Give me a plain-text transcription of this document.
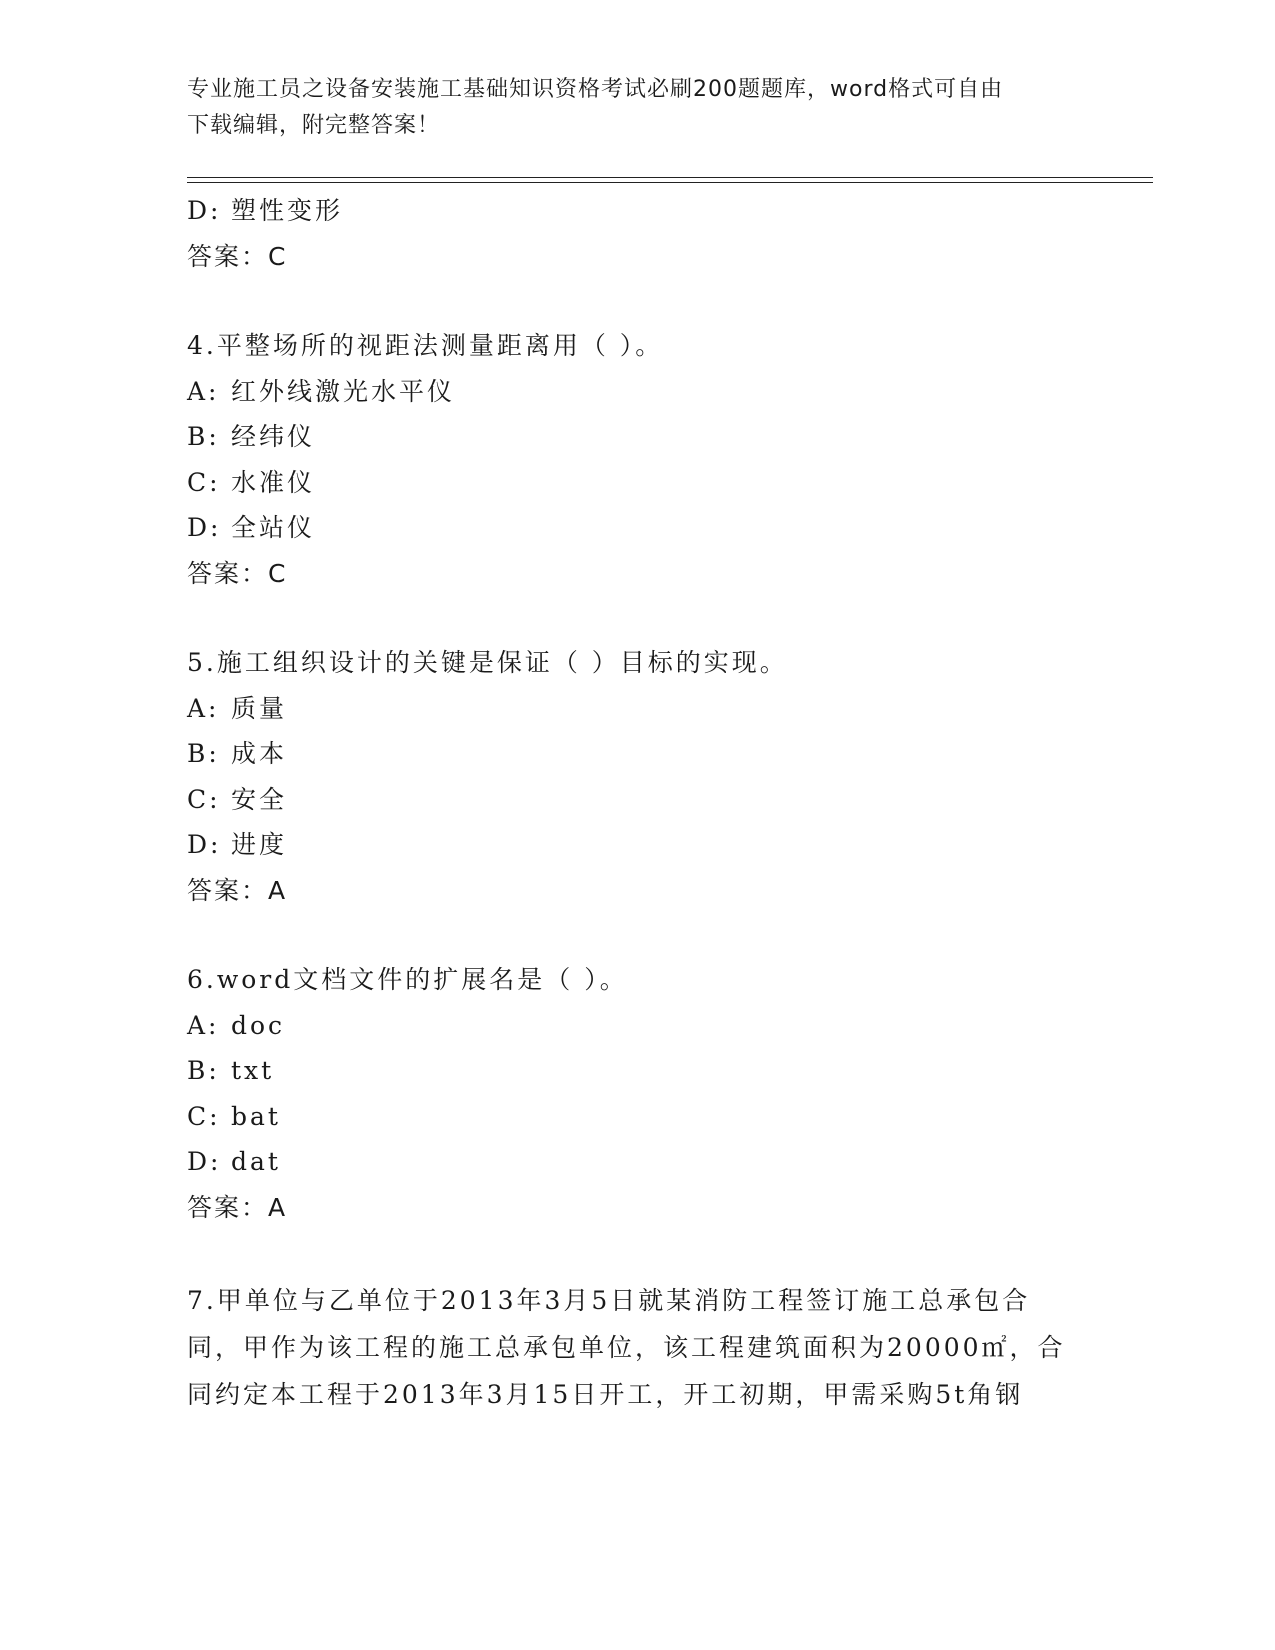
专业施工员之设备安装施工基础知识资格考试必刷200题题库，word格式可自由
下载编辑，附完整答案！
D: 塑性变形
答案：C
4.平整场所的视距法测量距离用（ ）。
A: 红外线激光水平仪
B: 经纬仪
C: 水准仪
D: 全站仪
答案：C
5.施工组织设计的关键是保证（ ）目标的实现。
A: 质量
B: 成本
C: 安全
D: 进度
答案：A
6.word文档文件的扩展名是（ ）。
A: doc
B: txt
C: bat
D: dat
答案：A
7.甲单位与乙单位于2013年3月5日就某消防工程签订施工总承包合
同，甲作为该工程的施工总承包单位，该工程建筑面积为20000㎡，合
同约定本工程于2013年3月15日开工，开工初期，甲需采购5t角钢
